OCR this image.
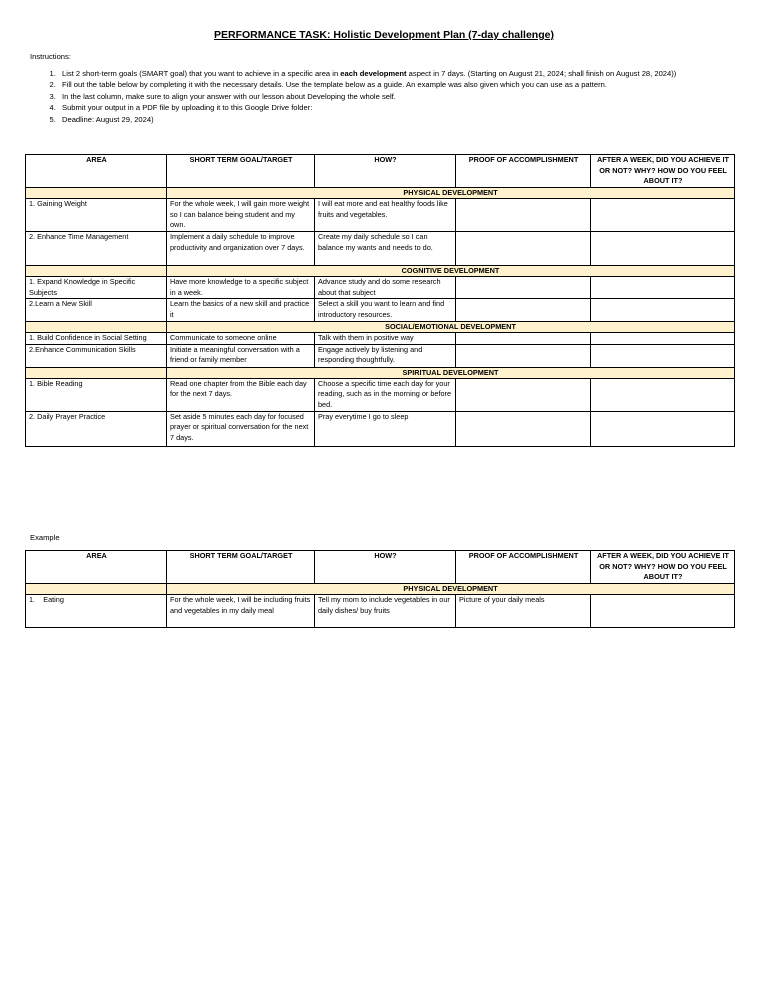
PERFORMANCE TASK: Holistic Development Plan (7-day challenge)
Instructions:
1. List 2 short-term goals (SMART goal) that you want to achieve in a specific area in each development aspect in 7 days. (Starting on August 21, 2024; shall finish on August 28, 2024))
2. Fill out the table below by completing it with the necessary details. Use the template below as a guide. An example was also given which you can use as a pattern.
3. In the last column, make sure to align your answer with our lesson about Developing the whole self.
4. Submit your output in a PDF file by uploading it to this Google Drive folder:
5. Deadline: August 29, 2024)
AREA	SHORT TERM GOAL/TARGET	HOW?	PROOF OF ACCOMPLISHMENT	AFTER A WEEK, DID YOU ACHIEVE IT OR NOT? WHY? HOW DO YOU FEEL ABOUT IT?
	PHYSICAL DEVELOPMENT			
1. Gaining Weight	For the whole week, I will gain more weight so I can balance being student and my own.	I will eat more and eat healthy foods like fruits and vegetables.		
2. Enhance Time Management	Implement a daily schedule to improve productivity and organization over 7 days.	Create my daily schedule so I can balance my wants and needs to do.		
	COGNITIVE DEVELOPMENT			
1. Expand Knowledge in Specific Subjects	Have more knowledge to a specific subject in a week.	Advance study and do some research about that subject		
2.Learn a New Skill	Learn the basics of a new skill and practice it	Select a skill you want to learn and find introductory resources.		
	SOCIAL/EMOTIONAL DEVELOPMENT			
1. Build Confidence in Social Setting	Communicate to someone online	Talk with them in positive way		
2.Enhance Communication Skills	Initiate a meaningful conversation with a friend or family member	Engage actively by listening and responding thoughtfully.		
	SPIRITUAL DEVELOPMENT			
1. Bible Reading	Read one chapter from the Bible each day for the next 7 days.	Choose a specific time each day for your reading, such as in the morning or before bed.		
2. Daily Prayer Practice	Set aside 5 minutes each day for focused prayer or spiritual conversation for the next 7 days.	Pray everytime I go to sleep		
Example
AREA	SHORT TERM GOAL/TARGET	HOW?	PROOF OF ACCOMPLISHMENT	AFTER A WEEK, DID YOU ACHIEVE IT OR NOT? WHY? HOW DO YOU FEEL ABOUT IT?
	PHYSICAL DEVELOPMENT			
1. Eating	For the whole week, I will be including fruits and vegetables in my daily meal	Tell my mom to include vegetables in our daily dishes/ buy fruits	Picture of your daily meals	
